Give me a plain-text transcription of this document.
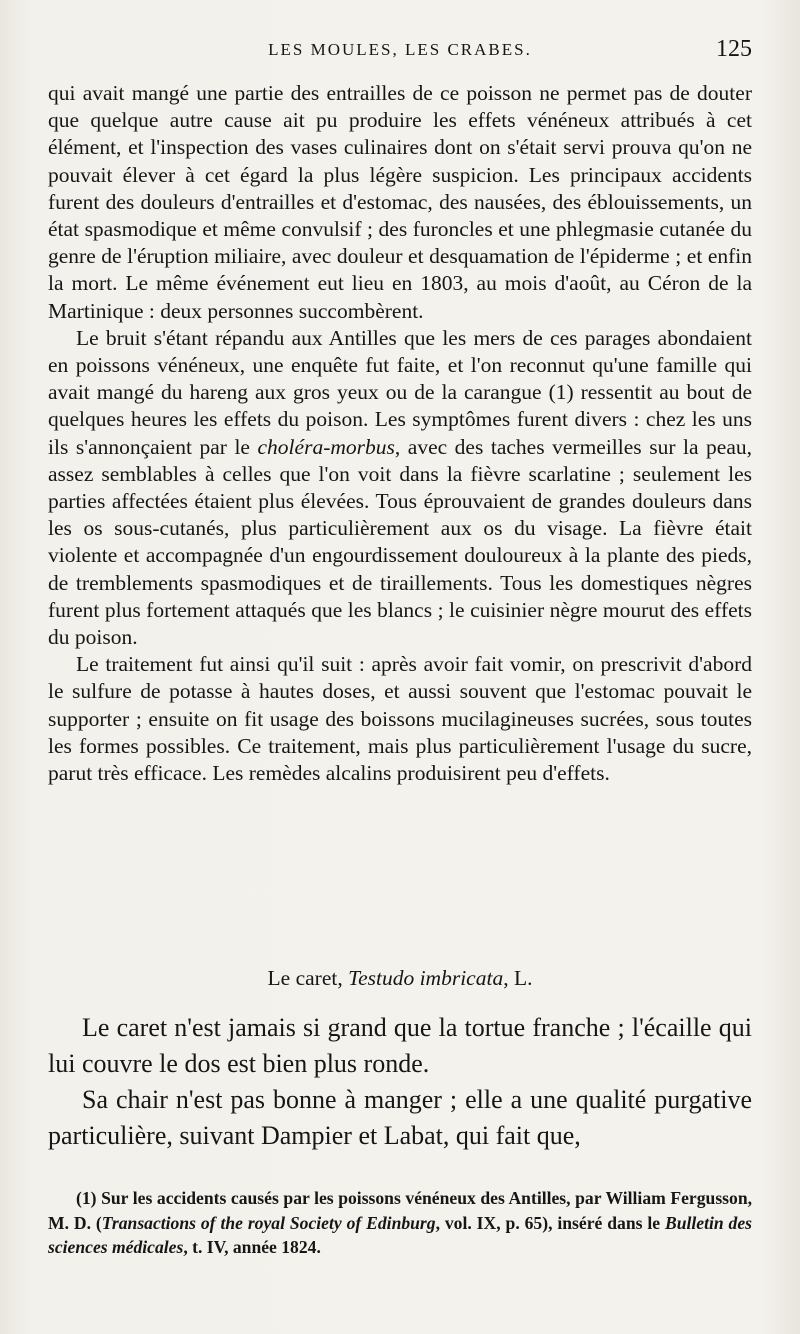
LES MOULES, LES CRABES.	125

qui avait mangé une partie des entrailles de ce poisson ne permet pas de douter que quelque autre cause ait pu produire les effets vénéneux attribués à cet élément, et l'inspection des vases culinaires dont on s'était servi prouva qu'on ne pouvait élever à cet égard la plus légère suspicion. Les principaux accidents furent des douleurs d'entrailles et d'estomac, des nausées, des éblouissements, un état spasmodique et même convulsif ; des furoncles et une phlegmasie cutanée du genre de l'éruption miliaire, avec douleur et desquamation de l'épiderme ; et enfin la mort. Le même événement eut lieu en 1803, au mois d'août, au Céron de la Martinique : deux personnes succombèrent.

Le bruit s'étant répandu aux Antilles que les mers de ces parages abondaient en poissons vénéneux, une enquête fut faite, et l'on reconnut qu'une famille qui avait mangé du hareng aux gros yeux ou de la carangue (1) ressentit au bout de quelques heures les effets du poison. Les symptômes furent divers : chez les uns ils s'annonçaient par le choléra-morbus, avec des taches vermeilles sur la peau, assez semblables à celles que l'on voit dans la fièvre scarlatine ; seulement les parties affectées étaient plus élevées. Tous éprouvaient de grandes douleurs dans les os sous-cutanés, plus particulièrement aux os du visage. La fièvre était violente et accompagnée d'un engourdissement douloureux à la plante des pieds, de tremblements spasmodiques et de tiraillements. Tous les domestiques nègres furent plus fortement attaqués que les blancs ; le cuisinier nègre mourut des effets du poison.

Le traitement fut ainsi qu'il suit : après avoir fait vomir, on prescrivit d'abord le sulfure de potasse à hautes doses, et aussi souvent que l'estomac pouvait le supporter ; ensuite on fit usage des boissons mucilagineuses sucrées, sous toutes les formes possibles. Ce traitement, mais plus particulièrement l'usage du sucre, parut très efficace. Les remèdes alcalins produisirent peu d'effets.

Le caret, Testudo imbricata, L.

Le caret n'est jamais si grand que la tortue franche ; l'écaille qui lui couvre le dos est bien plus ronde.

Sa chair n'est pas bonne à manger ; elle a une qualité purgative particulière, suivant Dampier et Labat, qui fait que,

(1) Sur les accidents causés par les poissons vénéneux des Antilles, par William Fergusson, M. D. (Transactions of the royal Society of Edinburg, vol. IX, p. 65), inséré dans le Bulletin des sciences médicales, t. IV, année 1824.
